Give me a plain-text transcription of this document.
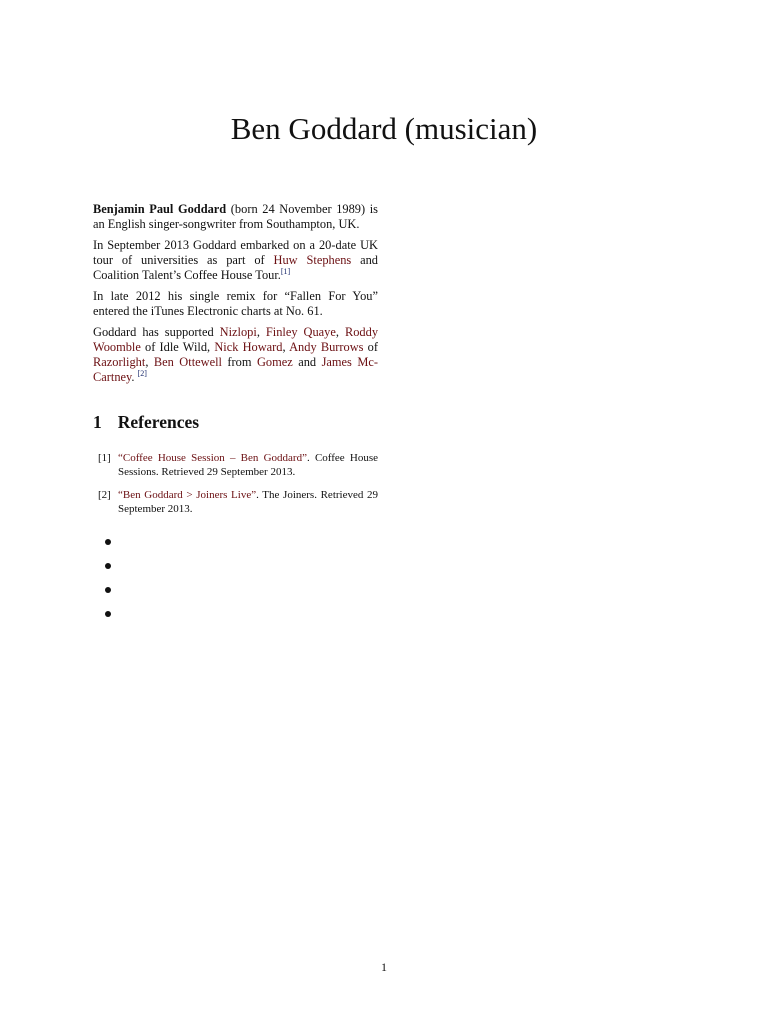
Ben Goddard (musician)

Benjamin Paul Goddard (born 24 November 1989) is an English singer-songwriter from Southampton, UK.

In September 2013 Goddard embarked on a 20-date UK tour of universities as part of Huw Stephens and Coalition Talent’s Coffee House Tour.[1]

In late 2012 his single remix for “Fallen For You” entered the iTunes Electronic charts at No. 61.

Goddard has supported Nizlopi, Finley Quaye, Roddy Woomble of Idle Wild, Nick Howard, Andy Burrows of Razorlight, Ben Ottewell from Gomez and James Mc-Cartney. [2]

1 References
[1] “Coffee House Session – Ben Goddard”. Coffee House Sessions. Retrieved 29 September 2013.
[2] “Ben Goddard > Joiners Live”. The Joiners. Retrieved 29 September 2013.
1
